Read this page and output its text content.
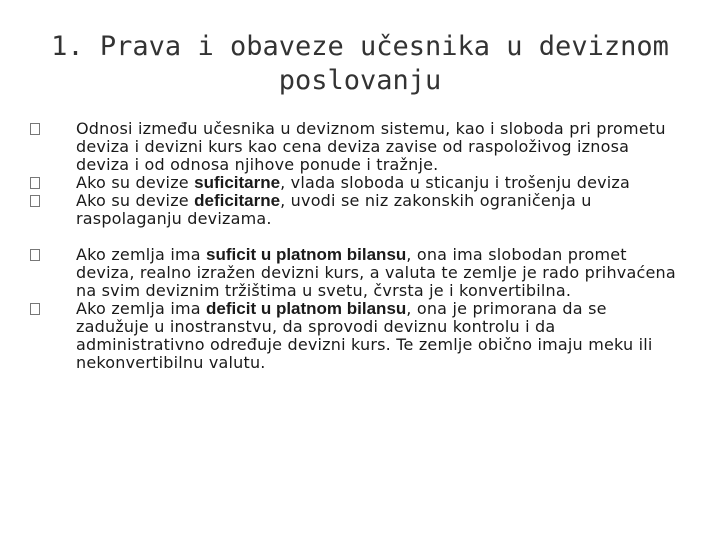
1. Prava i obaveze učesnika u deviznom poslovanju
Odnosi između učesnika u deviznom sistemu, kao i sloboda pri prometu deviza i devizni kurs kao cena deviza zavise od raspoloživog iznosa deviza i od odnosa njihove ponude i tražnje.
Ako su devize suficitarne, vlada sloboda u sticanju i trošenju deviza
Ako su devize deficitarne, uvodi se niz zakonskih ograničenja u raspolaganju devizama.
Ako zemlja ima suficit u platnom bilansu, ona ima slobodan promet deviza, realno izražen devizni kurs, a valuta te zemlje je rado prihvaćena na svim deviznim tržištima u svetu, čvrsta je i konvertibilna.
Ako zemlja ima deficit u platnom bilansu, ona je primorana da se zadužuje u inostranstvu, da sprovodi deviznu kontrolu i da administrativno određuje devizni kurs. Te zemlje obično imaju meku ili nekonvertibilnu valutu.
